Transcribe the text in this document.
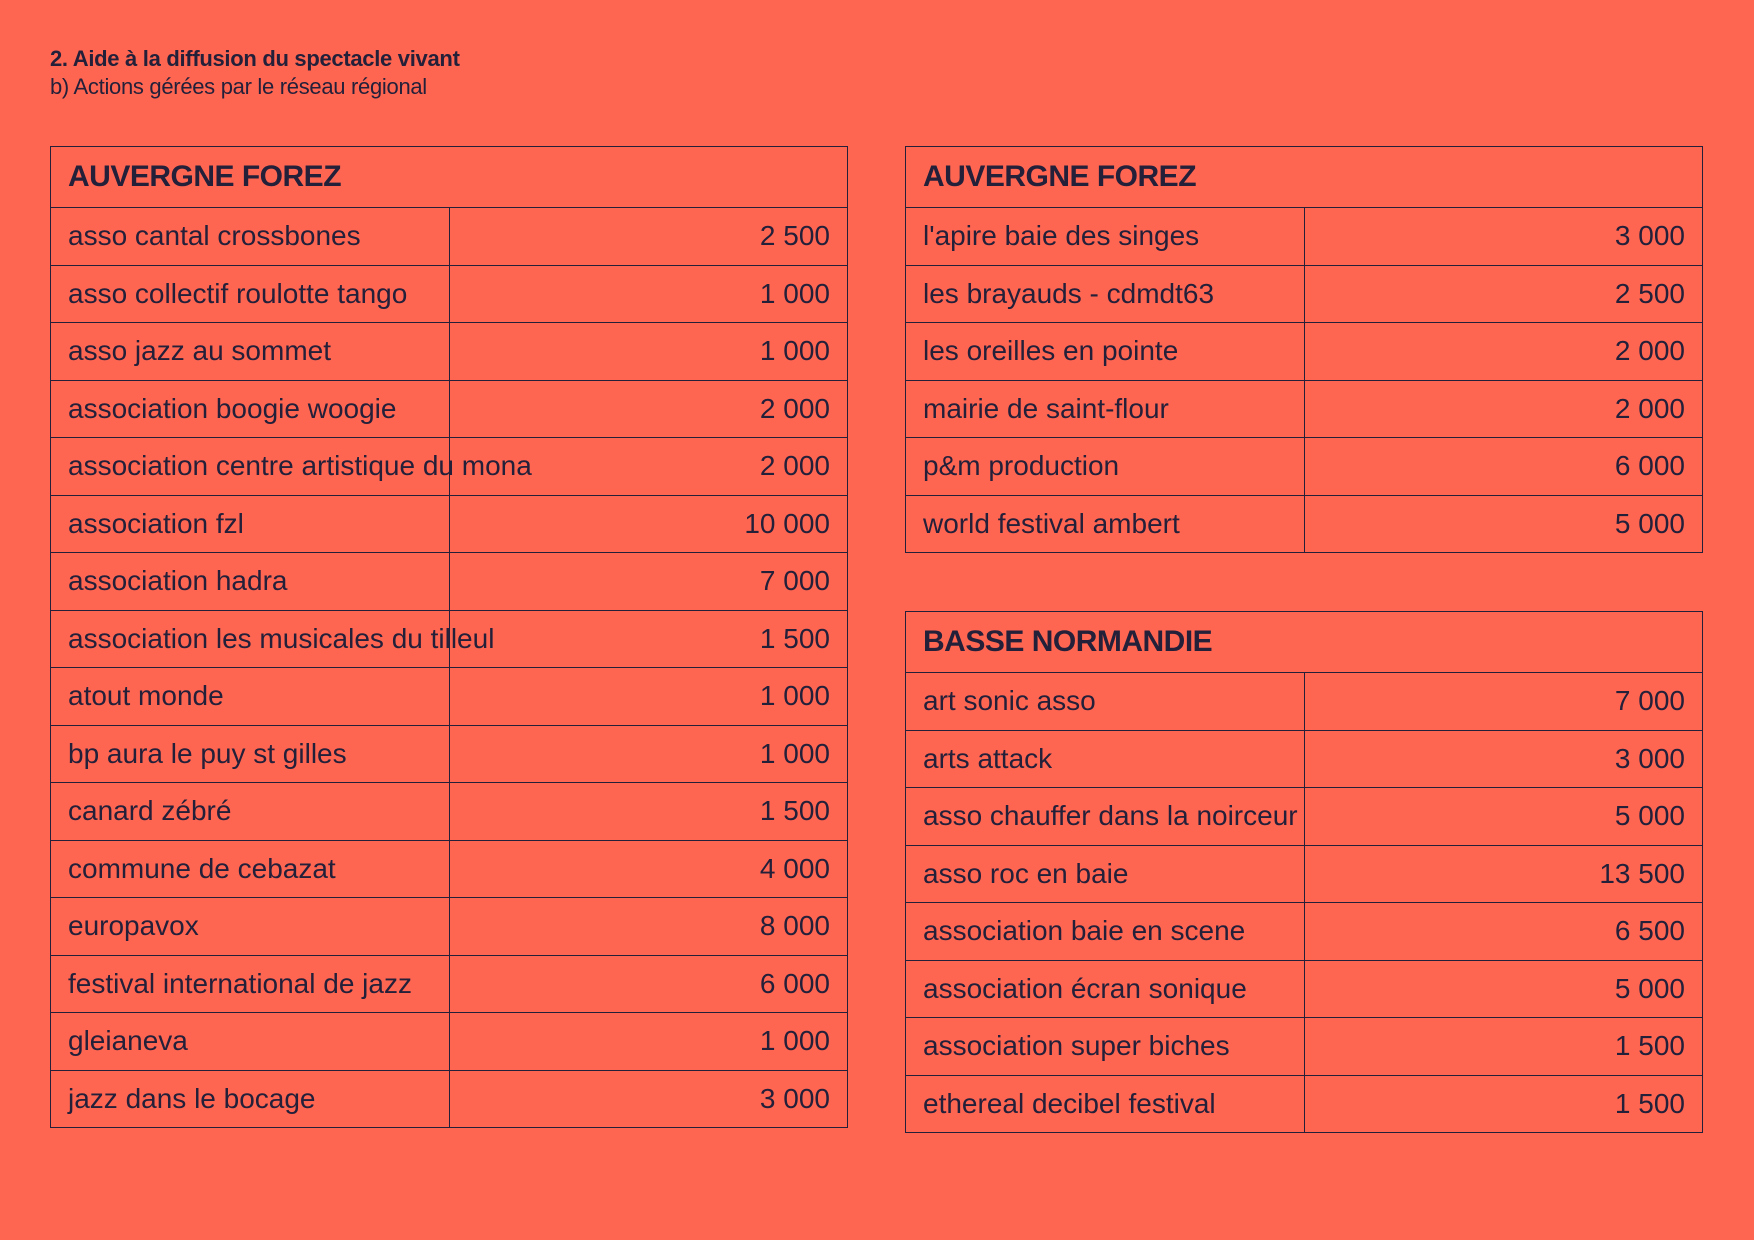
2. Aide à la diffusion du spectacle vivant
b) Actions gérées par le réseau régional
AUVERGNE FOREZ	
asso cantal crossbones	2 500
asso collectif roulotte tango	1 000
asso jazz au sommet	1 000
association boogie woogie	2 000
association centre artistique du mona	2 000
association fzl	10 000
association hadra	7 000
association les musicales du tilleul	1 500
atout monde	1 000
bp aura le puy st gilles	1 000
canard zébré	1 500
commune de cebazat	4 000
europavox	8 000
festival international de jazz	6 000
gleianeva	1 000
jazz dans le bocage	3 000
AUVERGNE FOREZ	
l'apire baie des singes	3 000
les brayauds - cdmdt63	2 500
les oreilles en pointe	2 000
mairie de saint-flour	2 000
p&m production	6 000
world festival ambert	5 000
BASSE NORMANDIE	
art sonic asso	7 000
arts attack	3 000
asso chauffer dans la noirceur	5 000
asso roc en baie	13 500
association baie en scene	6 500
association écran sonique	5 000
association super biches	1 500
ethereal decibel festival	1 500
